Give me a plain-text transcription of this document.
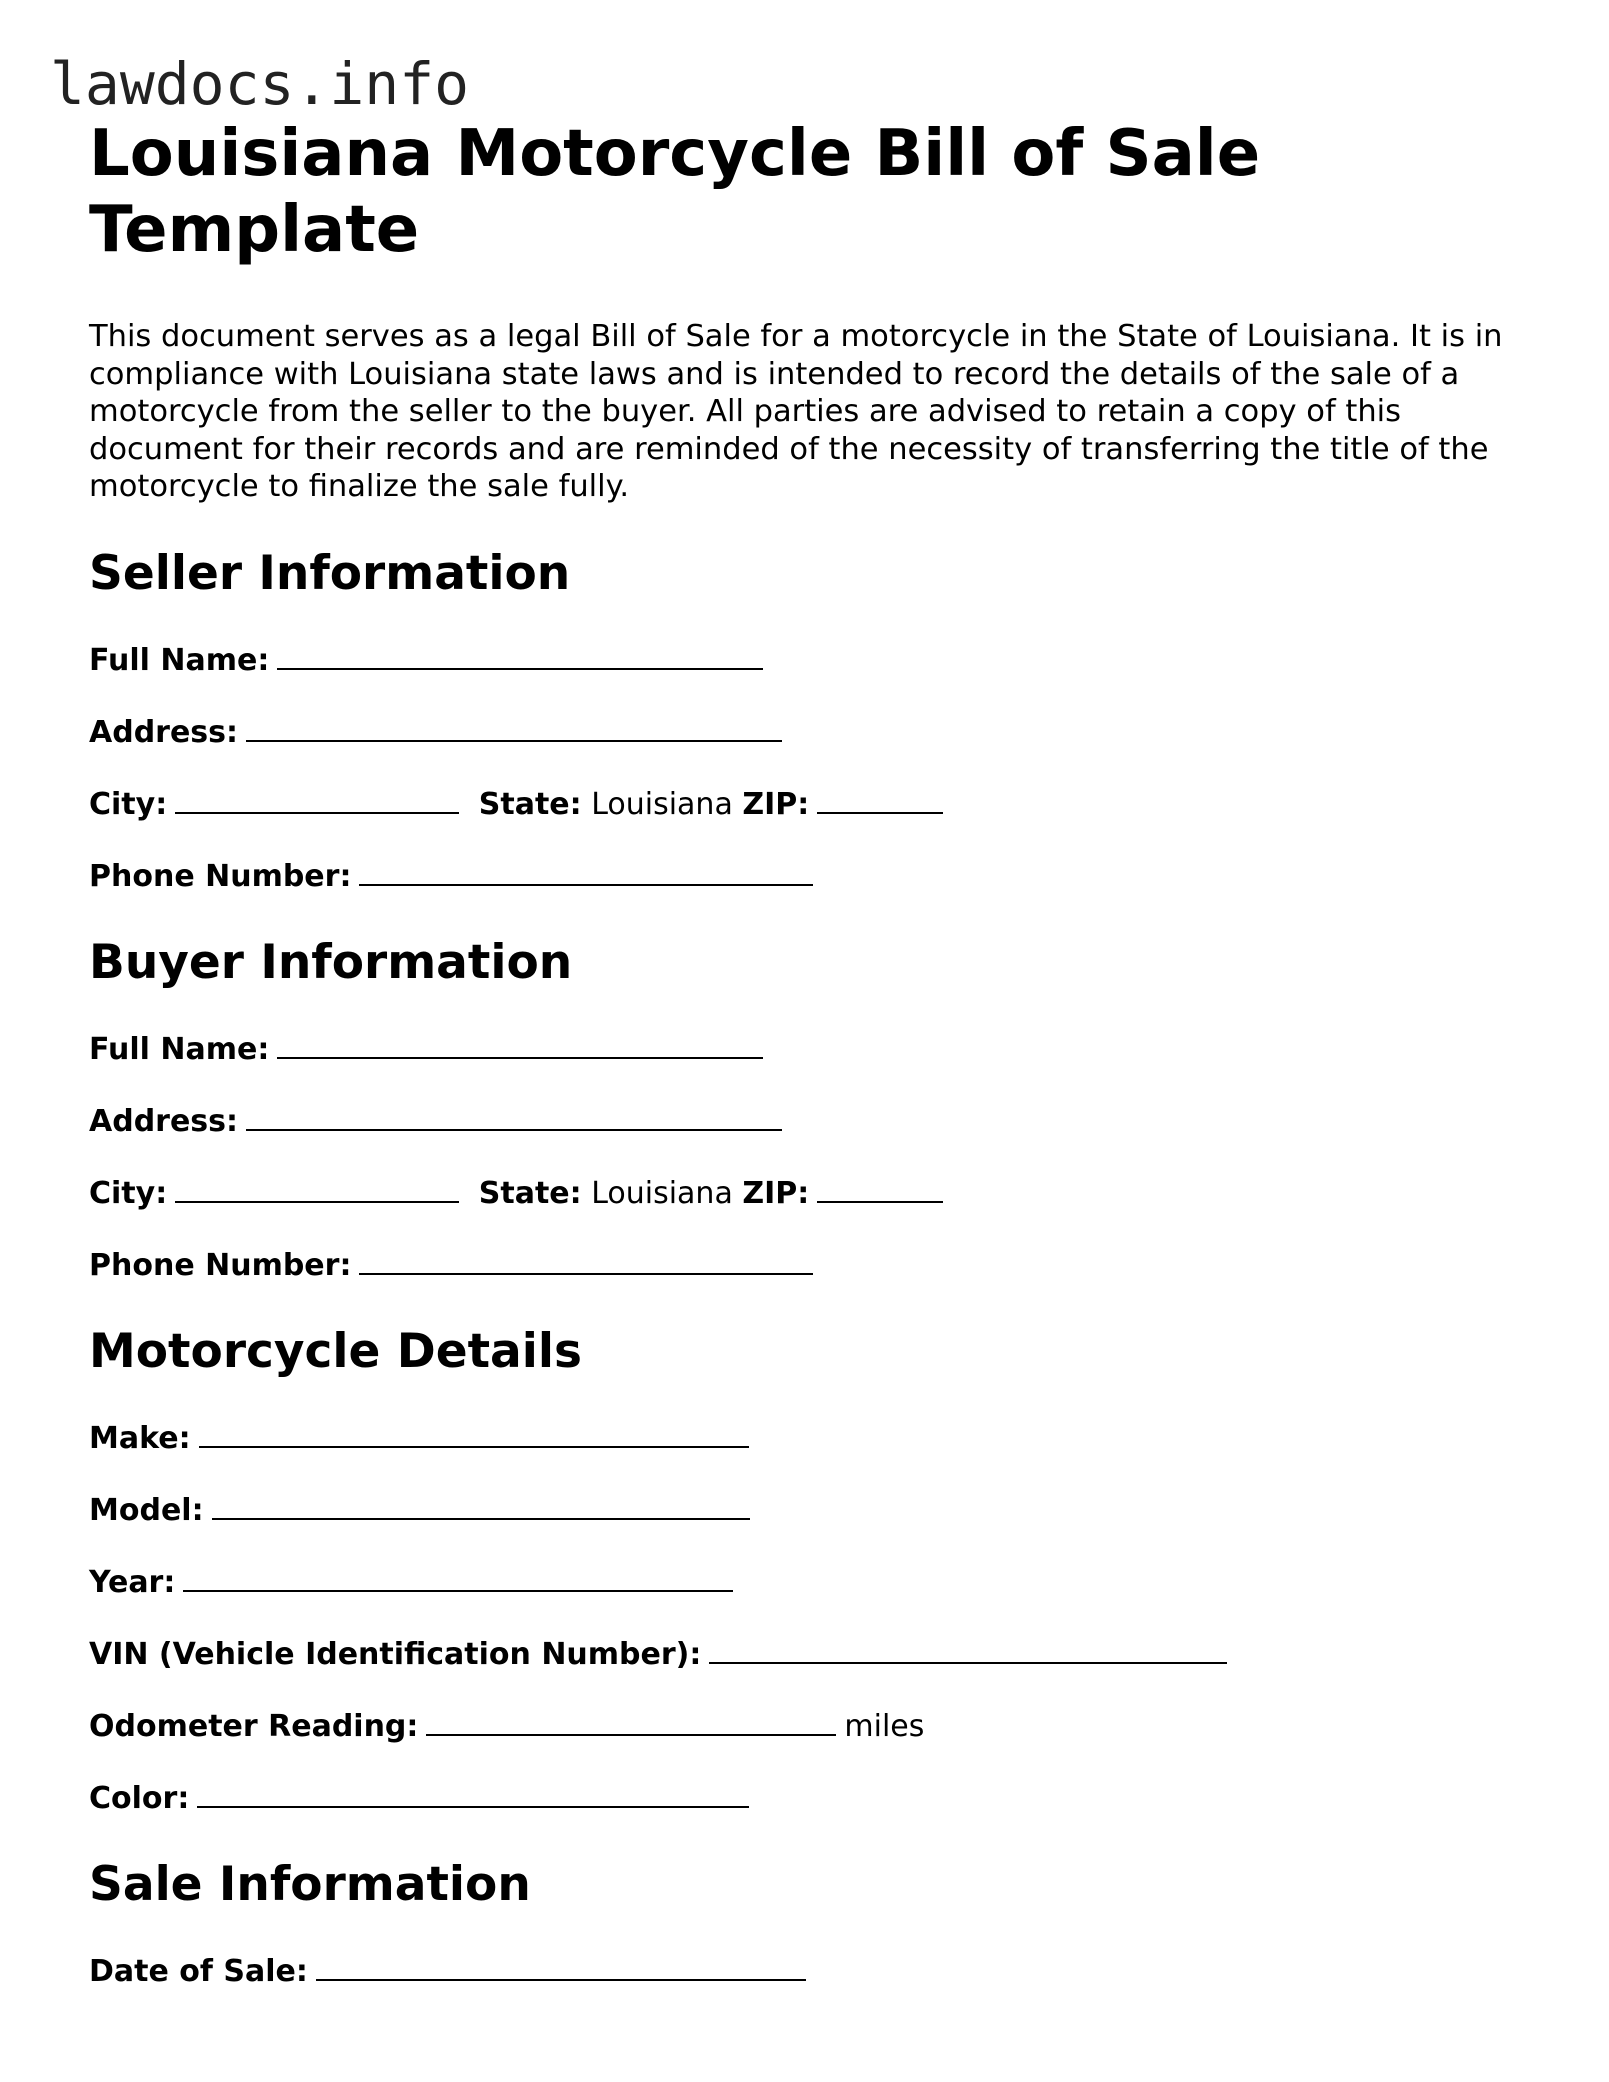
lawdocs.info
Louisiana Motorcycle Bill of Sale Template

This document serves as a legal Bill of Sale for a motorcycle in the State of Louisiana. It is in compliance with Louisiana state laws and is intended to record the details of the sale of a motorcycle from the seller to the buyer. All parties are advised to retain a copy of this document for their records and are reminded of the necessity of transferring the title of the motorcycle to finalize the sale fully.

Seller Information
Full Name:
Address:
City:	State: Louisiana ZIP:
Phone Number:
Buyer Information
Full Name:
Address:
City:	State: Louisiana ZIP:
Phone Number:
Motorcycle Details
Make:
Model:
Year:
VIN (Vehicle Identification Number):
Odometer Reading:	miles
Color:
Sale Information
Date of Sale:
